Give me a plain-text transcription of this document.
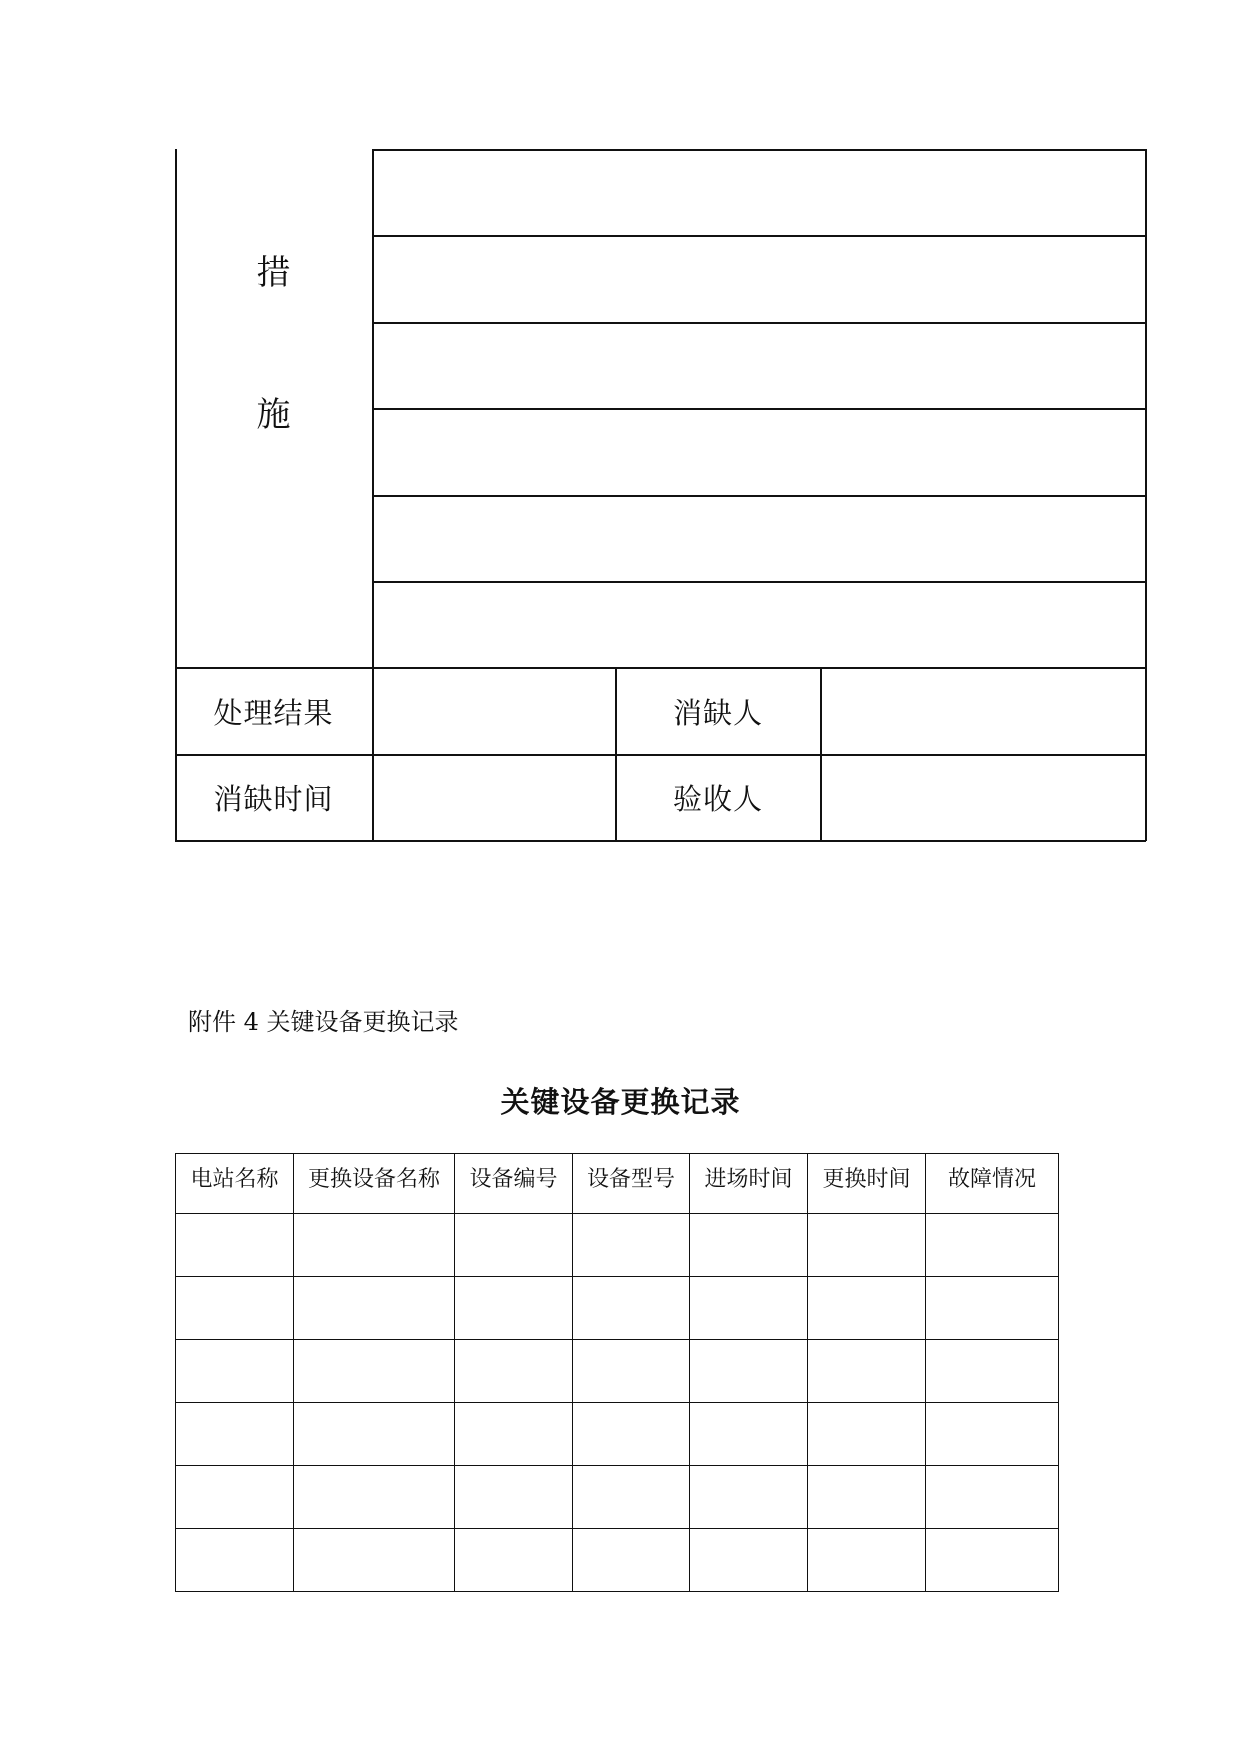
措
施
处理结果	消缺人
消缺时间	验收人
附件 4 关键设备更换记录
关键设备更换记录
电站名称	更换设备名称	设备编号	设备型号	进场时间	更换时间	故障情况
